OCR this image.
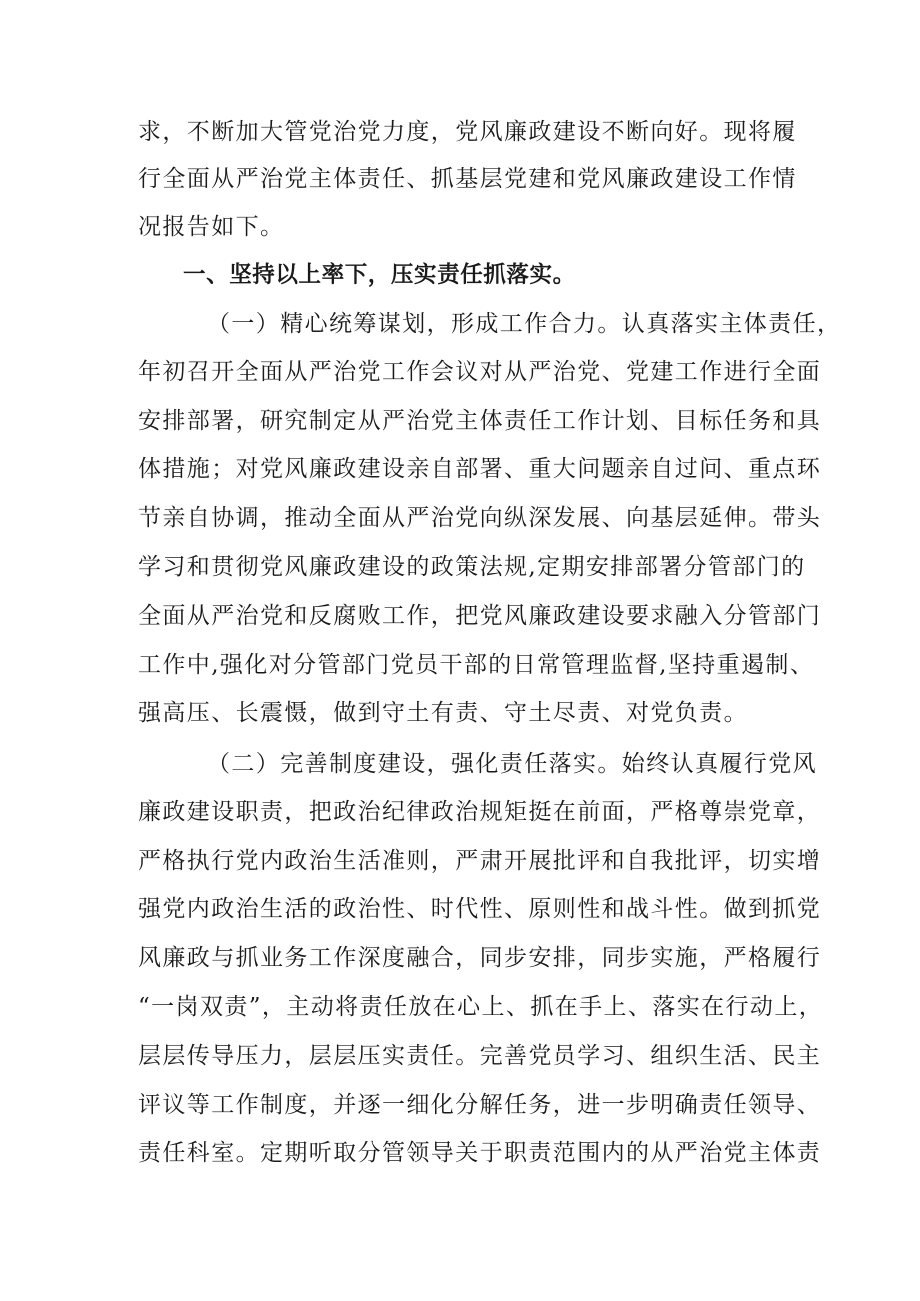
求，不断加大管党治党力度，党风廉政建设不断向好。现将履
行全面从严治党主体责任、抓基层党建和党风廉政建设工作情
况报告如下。
一、坚持以上率下，压实责任抓落实。
（一）精心统筹谋划，形成工作合力。认真落实主体责任，
年初召开全面从严治党工作会议对从严治党、党建工作进行全面
安排部署，研究制定从严治党主体责任工作计划、目标任务和具
体措施；对党风廉政建设亲自部署、重大问题亲自过问、重点环
节亲自协调，推动全面从严治党向纵深发展、向基层延伸。带头
学习和贯彻党风廉政建设的政策法规,定期安排部署分管部门的
全面从严治党和反腐败工作，把党风廉政建设要求融入分管部门
工作中,强化对分管部门党员干部的日常管理监督,坚持重遏制、
强高压、长震慑，做到守土有责、守土尽责、对党负责。
（二）完善制度建设，强化责任落实。始终认真履行党风
廉政建设职责，把政治纪律政治规矩挺在前面，严格尊崇党章，
严格执行党内政治生活准则，严肃开展批评和自我批评，切实增
强党内政治生活的政治性、时代性、原则性和战斗性。做到抓党
风廉政与抓业务工作深度融合，同步安排，同步实施，严格履行
“一岗双责”，主动将责任放在心上、抓在手上、落实在行动上，
层层传导压力，层层压实责任。完善党员学习、组织生活、民主
评议等工作制度，并逐一细化分解任务，进一步明确责任领导、
责任科室。定期听取分管领导关于职责范围内的从严治党主体责
